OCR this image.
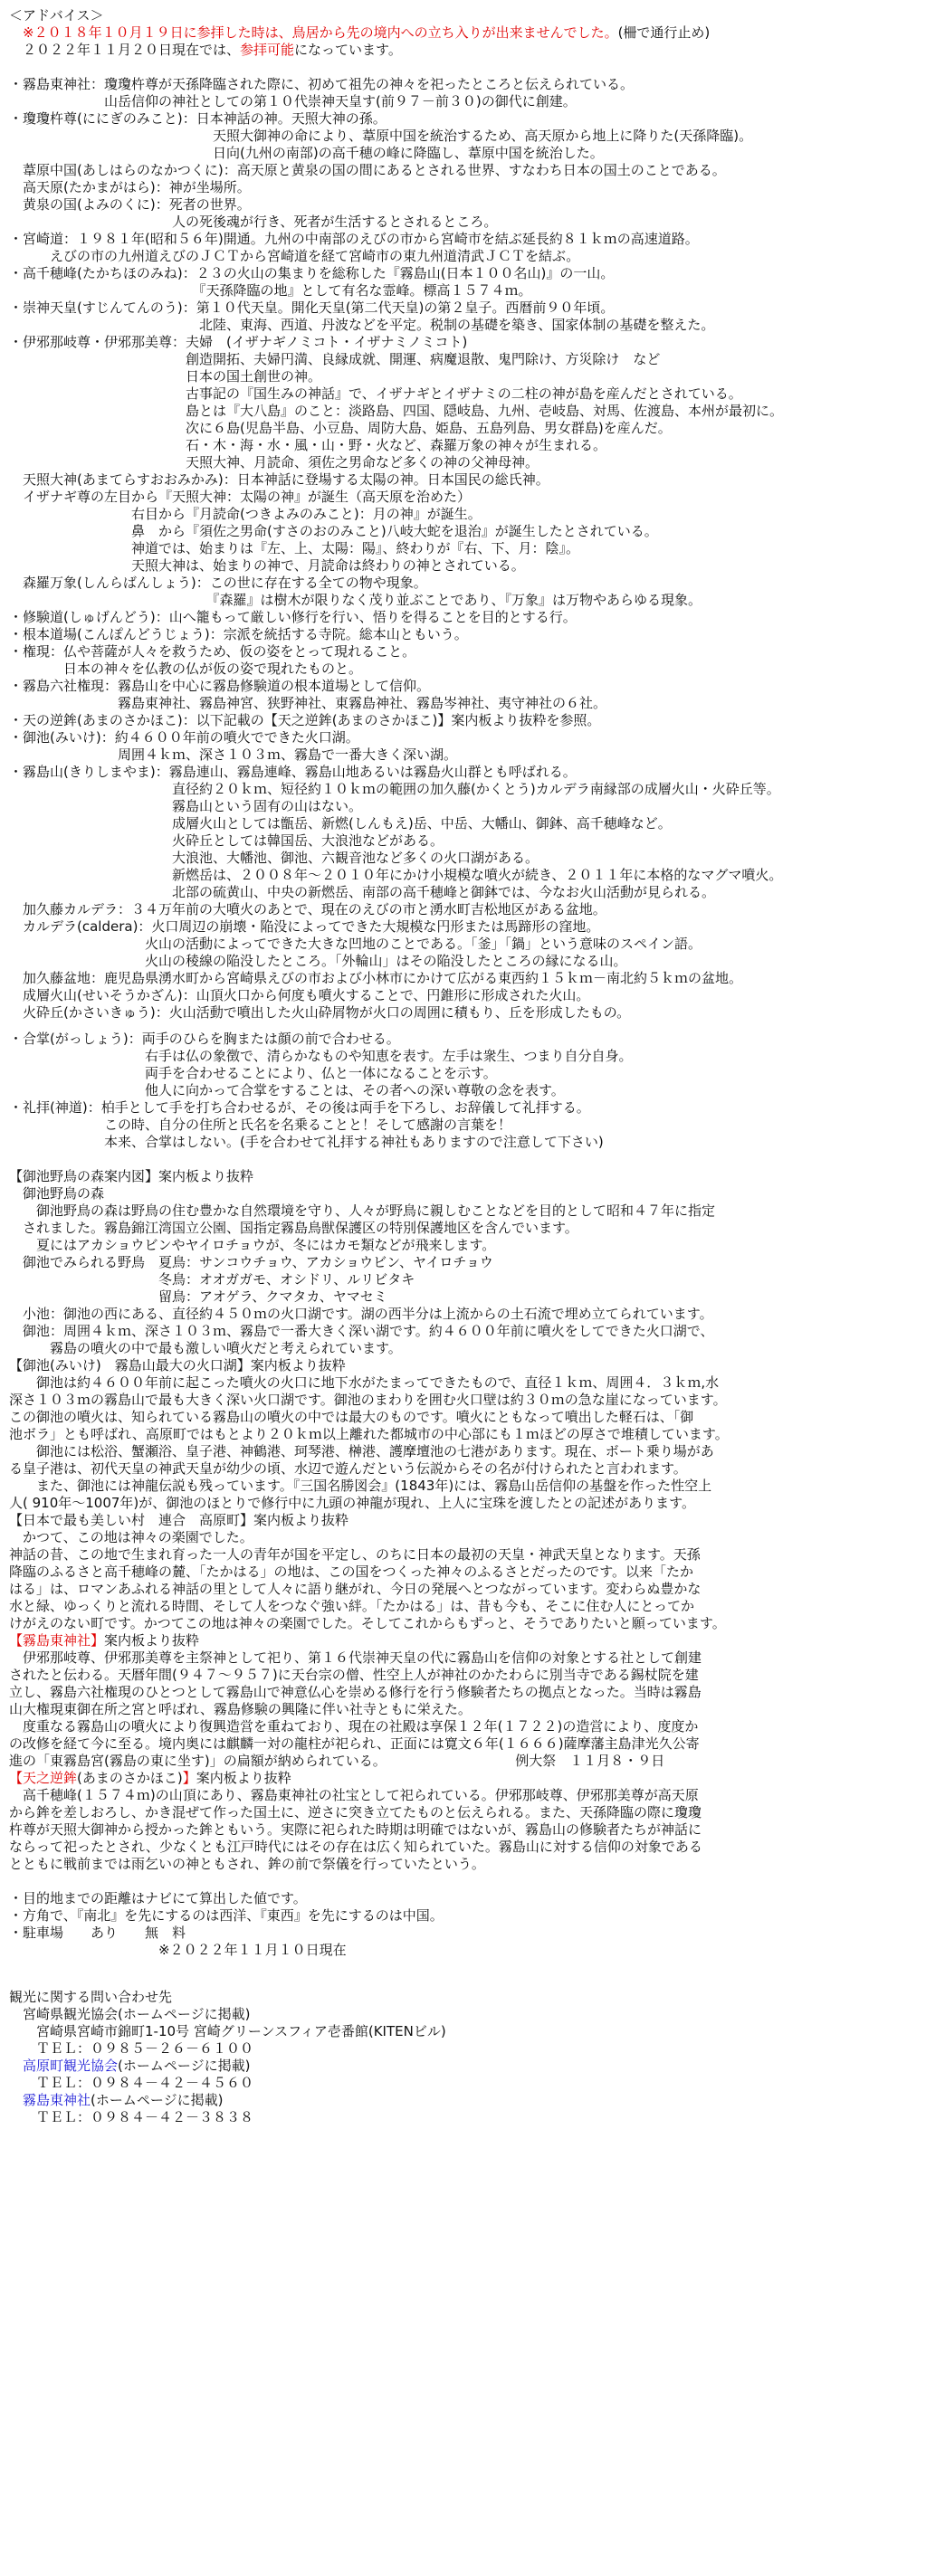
＜アドバイス＞
　※２０１８年１０月１９日に参拝した時は、鳥居から先の境内への立ち入りが出来ませんでした。(柵で通行止め)
　２０２２年１１月２０日現在では、参拝可能になっています。
・霧島東神社：瓊瓊杵尊が天孫降臨された際に、初めて祖先の神々を祀ったところと伝えられている。
　　　　　　　山岳信仰の神社としての第１０代崇神天皇す(前９７－前３０)の御代に創建。
・瓊瓊杵尊(ににぎのみこと)：日本神話の神。天照大神の孫。
　　　　　　　　　　　　　　　天照大御神の命により、葦原中国を統治するため、高天原から地上に降りた(天孫降臨)。
　　　　　　　　　　　　　　　日向(九州の南部)の高千穂の峰に降臨し、葦原中国を統治した。
　葦原中国(あしはらのなかつくに)：高天原と黄泉の国の間にあるとされる世界、すなわち日本の国土のことである。
　高天原(たかまがはら)：神が坐場所。
　黄泉の国(よみのくに)：死者の世界。
　　　　　　　　　　　　人の死後魂が行き、死者が生活するとされるところ。
・宮崎道：１９８１年(昭和５６年)開通。九州の中南部のえびの市から宮崎市を結ぶ延長約８１ｋｍの高速道路。
　　　えびの市の九州道えびのＪＣＴから宮崎道を経て宮崎市の東九州道清武ＪＣＴを結ぶ。
・高千穂峰(たかちほのみね)：２３の火山の集まりを総称した『霧島山(日本１００名山)』の一山。
　　　　　　　　　　　　　　『天孫降臨の地』として有名な霊峰。標高１５７４ｍ。
・崇神天皇(すじんてんのう)：第１０代天皇。開化天皇(第二代天皇)の第２皇子。西暦前９０年頃。
　　　　　　　　　　　　　　北陸、東海、西道、丹波などを平定。税制の基礎を築き、国家体制の基礎を整えた。
・伊邪那岐尊・伊邪那美尊：夫婦　(イザナギノミコト・イザナミノミコト)
　　　　　　　　　　　　　創造開拓、夫婦円満、良縁成就、開運、病魔退散、鬼門除け、方災除け　など
　　　　　　　　　　　　　日本の国土創世の神。
　　　　　　　　　　　　　古事記の『国生みの神話』で、イザナギとイザナミの二柱の神が島を産んだとされている。
　　　　　　　　　　　　　島とは『大八島』のこと：淡路島、四国、隠岐島、九州、壱岐島、対馬、佐渡島、本州が最初に。
　　　　　　　　　　　　　次に６島(児島半島、小豆島、周防大島、姫島、五島列島、男女群島)を産んだ。
　　　　　　　　　　　　　石・木・海・水・風・山・野・火など、森羅万象の神々が生まれる。
　　　　　　　　　　　　　天照大神、月読命、須佐之男命など多くの神の父神母神。
　天照大神(あまてらすおおみかみ)：日本神話に登場する太陽の神。日本国民の総氏神。
　イザナギ尊の左目から『天照大神：太陽の神』が誕生（高天原を治めた）
　　　　　　　　　右目から『月読命(つきよみのみこと)：月の神』が誕生。
　　　　　　　　　鼻　から『須佐之男命(すさのおのみこと)八岐大蛇を退治』が誕生したとされている。
　　　　　　　　　神道では、始まりは『左、上、太陽：陽』、終わりが『右、下、月：陰』。
　　　　　　　　　天照大神は、始まりの神で、月読命は終わりの神とされている。
　森羅万象(しんらばんしょう)：この世に存在する全ての物や現象。
　　　　　　　　　　　　　　　『森羅』は樹木が限りなく茂り並ぶことであり、『万象』は万物やあらゆる現象。
・修験道(しゅげんどう)：山へ籠もって厳しい修行を行い、悟りを得ることを目的とする行。
・根本道場(こんぽんどうじょう)：宗派を統括する寺院。総本山ともいう。
・権現：仏や菩薩が人々を救うため、仮の姿をとって現れること。
　　　　日本の神々を仏教の仏が仮の姿で現れたものと。
・霧島六社権現：霧島山を中心に霧島修験道の根本道場として信仰。
　　　　　　　　霧島東神社、霧島神宮、狭野神社、東霧島神社、霧島岑神社、夷守神社の６社。
・天の逆鉾(あまのさかほこ)：以下記載の【天之逆鉾(あまのさかほこ)】案内板より抜粋を参照。
・御池(みいけ)：約４６００年前の噴火でできた火口湖。
　　　　　　　　周囲４ｋｍ、深さ１０３ｍ、霧島で一番大きく深い湖。
・霧島山(きりしまやま)：霧島連山、霧島連峰、霧島山地あるいは霧島火山群とも呼ばれる。
　　　　　　　　　　　　直径約２０ｋｍ、短径約１０ｋｍの範囲の加久藤(かくとう)カルデラ南縁部の成層火山・火砕丘等。
　　　　　　　　　　　　霧島山という固有の山はない。
　　　　　　　　　　　　成層火山としては甑岳、新燃(しんもえ)岳、中岳、大幡山、御鉢、高千穂峰など。
　　　　　　　　　　　　火砕丘としては韓国岳、大浪池などがある。
　　　　　　　　　　　　大浪池、大幡池、御池、六観音池など多くの火口湖がある。
　　　　　　　　　　　　新燃岳は、２００８年～２０１０年にかけ小規模な噴火が続き、２０１１年に本格的なマグマ噴火。
　　　　　　　　　　　　北部の硫黄山、中央の新燃岳、南部の高千穂峰と御鉢では、今なお火山活動が見られる。
　加久藤カルデラ：３４万年前の大噴火のあとで、現在のえびの市と湧水町吉松地区がある盆地。
　カルデラ(caldera)：火口周辺の崩壊・陥没によってできた大規模な円形または馬蹄形の窪地。
　　　　　　　　　　火山の活動によってできた大きな凹地のことである。「釜」「鍋」という意味のスペイン語。
　　　　　　　　　　火山の稜線の陥没したところ。「外輪山」はその陥没したところの縁になる山。
　加久藤盆地：鹿児島県湧水町から宮崎県えびの市および小林市にかけて広がる東西約１５ｋｍ－南北約５ｋｍの盆地。
　成層火山(せいそうかざん)：山頂火口から何度も噴火することで、円錐形に形成された火山。
　火砕丘(かさいきゅう)：火山活動で噴出した火山砕屑物が火口の周囲に積もり、丘を形成したもの。
・合掌(がっしょう)：両手のひらを胸または顔の前で合わせる。
　　　　　　　　　　右手は仏の象徴で、清らかなものや知恵を表す。左手は衆生、つまり自分自身。
　　　　　　　　　　両手を合わせることにより、仏と一体になることを示す。
　　　　　　　　　　他人に向かって合掌をすることは、その者への深い尊敬の念を表す。
・礼拝(神道)：柏手として手を打ち合わせるが、その後は両手を下ろし、お辞儀して礼拝する。
　　　　　　　この時、自分の住所と氏名を名乗ることと！そして感謝の言葉を！
　　　　　　　本来、合掌はしない。(手を合わせて礼拝する神社もありますので注意して下さい)
【御池野鳥の森案内図】案内板より抜粋
　御池野鳥の森
　　御池野鳥の森は野鳥の住む豊かな自然環境を守り、人々が野鳥に親しむことなどを目的として昭和４７年に指定
　されました。霧島錦江湾国立公園、国指定霧島鳥獣保護区の特別保護地区を含んでいます。
　　夏にはアカショウビンやヤイロチョウが、冬にはカモ類などが飛来します。
　御池でみられる野鳥　夏鳥：サンコウチョウ、アカショウビン、ヤイロチョウ
　　　　　　　　　　　冬鳥：オオガガモ、オシドリ、ルリビタキ
　　　　　　　　　　　留鳥：アオゲラ、クマタカ、ヤマセミ
　小池：御池の西にある、直径約４５０ｍの火口湖です。湖の西半分は上流からの土石流で埋め立てられています。
　御池：周囲４ｋｍ、深さ１０３ｍ、霧島で一番大きく深い湖です。約４６００年前に噴火をしてできた火口湖で、
　　　霧島の噴火の中で最も激しい噴火だと考えられています。
【御池(みいけ)　霧島山最大の火口湖】案内板より抜粋
　　御池は約４６００年前に起こった噴火の火口に地下水がたまってできたもので、直径１ｋｍ、周囲４．３ｋｍ,水
深さ１０３ｍの霧島山で最も大きく深い火口湖です。御池のまわりを囲む火口壁は約３０ｍの急な崖になっています。
この御池の噴火は、知られている霧島山の噴火の中では最大のものです。噴火にともなって噴出した軽石は、「御
池ボラ」とも呼ばれ、高原町ではもとより２０ｋｍ以上離れた都城市の中心部にも１ｍほどの厚さで堆積しています。
　　御池には松浴、蟹瀬浴、皇子港、神鶴港、珂琴港、榊港、護摩壇池の七港があります。現在、ボート乗り場があ
る皇子港は、初代天皇の神武天皇が幼少の頃、水辺で遊んだという伝説からその名が付けられたと言われます。
　　また、御池には神龍伝説も残っています。『三国名勝図会』(1843年)には、霧島山岳信仰の基盤を作った性空上
人( 910年～1007年)が、御池のほとりで修行中に九頭の神龍が現れ、上人に宝珠を渡したとの記述があります。
【日本で最も美しい村　連合　高原町】案内板より抜粋
　かつて、この地は神々の楽園でした。
神話の昔、この地で生まれ育った一人の青年が国を平定し、のちに日本の最初の天皇・神武天皇となります。天孫
降臨のふるさと高千穂峰の麓、「たかはる」の地は、この国をつくった神々のふるさとだったのです。以来「たか
はる」は、ロマンあふれる神話の里として人々に語り継がれ、今日の発展へとつながっています。変わらぬ豊かな
水と緑、ゆっくりと流れる時間、そして人をつなぐ強い絆。「たかはる」は、昔も今も、そこに住む人にとってか
けがえのない町です。かつてこの地は神々の楽園でした。そしてこれからもずっと、そうでありたいと願っています。
【霧島東神社】案内板より抜粋
　伊邪那岐尊、伊邪那美尊を主祭神として祀り、第１６代崇神天皇の代に霧島山を信仰の対象とする社として創建
されたと伝わる。天暦年間(９４７～９５７)に天台宗の僧、性空上人が神社のかたわらに別当寺である錫杖院を建
立し、霧島六社権現のひとつとして霧島山で神意仏心を崇める修行を行う修験者たちの拠点となった。当時は霧島
山大権現東御在所之宮と呼ばれ、霧島修験の興隆に伴い社寺ともに栄えた。
　度重なる霧島山の噴火により復興造営を重ねており、現在の社殿は享保１２年(１７２２)の造営により、度度か
の改修を経て今に至る。境内奥には麒麟一対の龍柱が祀られ、正面には寛文６年(１６６６)薩摩藩主島津光久公寄
進の「東霧島宮(霧島の東に坐す)」の扁額が納められている。　　　　　　　　　　例大祭　１１月８・９日
【天之逆鉾(あまのさかほこ)】案内板より抜粋
　高千穂峰(１５７４ｍ)の山頂にあり、霧島東神社の社宝として祀られている。伊邪那岐尊、伊邪那美尊が高天原
から鉾を差しおろし、かき混ぜて作った国土に、逆さに突き立てたものと伝えられる。また、天孫降臨の際に瓊瓊
杵尊が天照大御神から授かった鉾ともいう。実際に祀られた時期は明確ではないが、霧島山の修験者たちが神話に
ならって祀ったとされ、少なくとも江戸時代にはその存在は広く知られていた。霧島山に対する信仰の対象である
とともに戦前までは雨乞いの神ともされ、鉾の前で祭儀を行っていたという。
・目的地までの距離はナビにて算出した値です。
・方角で、『南北』を先にするのは西洋、『東西』を先にするのは中国。
・駐車場　　あり　　無　料
　　　　　　　　　　　※２０２２年１１月１０日現在
観光に関する問い合わせ先
　宮崎県観光協会(ホームページに掲載)
　　宮崎県宮崎市錦町1-10号 宮崎グリーンスフィア壱番館(KITENビル)
　　ＴＥＬ：０９８５－２６－６１００
　高原町観光協会(ホームページに掲載)
　　ＴＥＬ：０９８４－４２－４５６０
　霧島東神社(ホームページに掲載)
　　ＴＥＬ：０９８４－４２－３８３８
